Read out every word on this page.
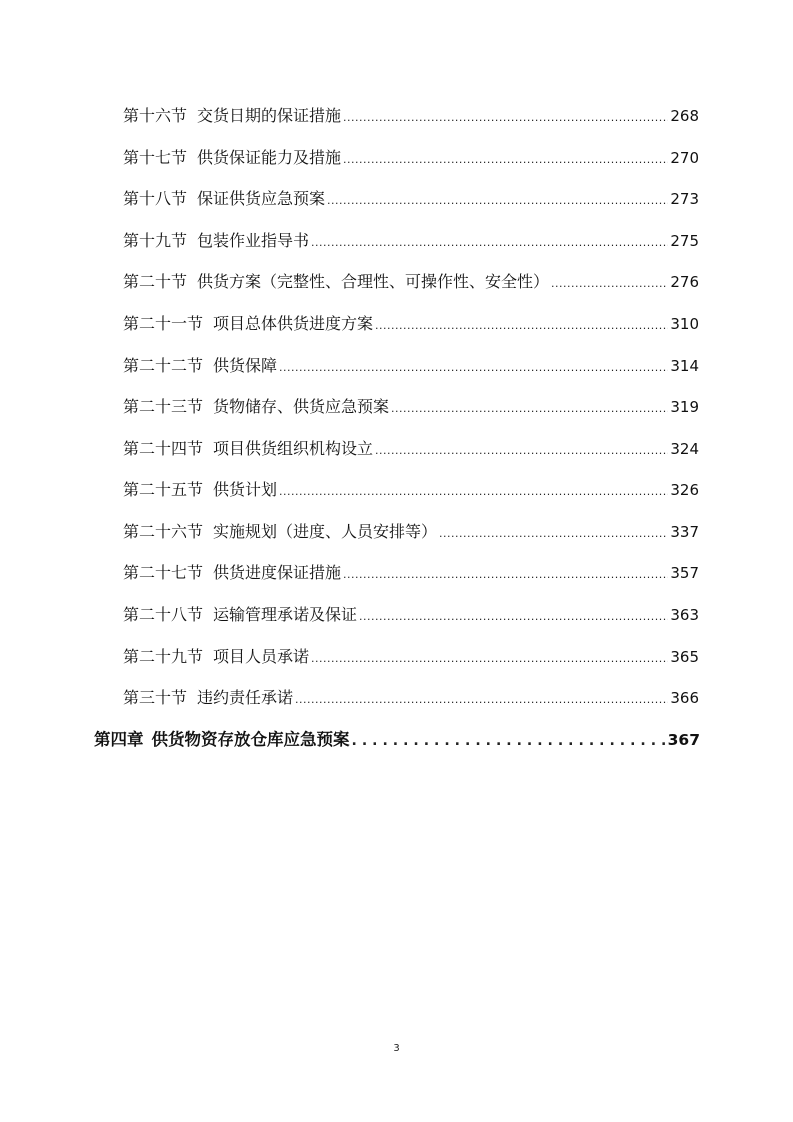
第十六节 交货日期的保证措施 .....	268
第十七节 供货保证能力及措施 .....	270
第十八节 保证供货应急预案 .....	273
第十九节 包装作业指导书 .....	275
第二十节 供货方案（完整性、合理性、可操作性、安全性） .....	276
第二十一节 项目总体供货进度方案 .....	310
第二十二节 供货保障 .....	314
第二十三节 货物储存、供货应急预案 .....	319
第二十四节 项目供货组织机构设立 .....	324
第二十五节 供货计划 .....	326
第二十六节 实施规划（进度、人员安排等） .....	337
第二十七节 供货进度保证措施 .....	357
第二十八节 运输管理承诺及保证 .....	363
第二十九节 项目人员承诺 .....	365
第三十节 违约责任承诺 .....	366
第四章 供货物资存放仓库应急预案 .....	367
3
